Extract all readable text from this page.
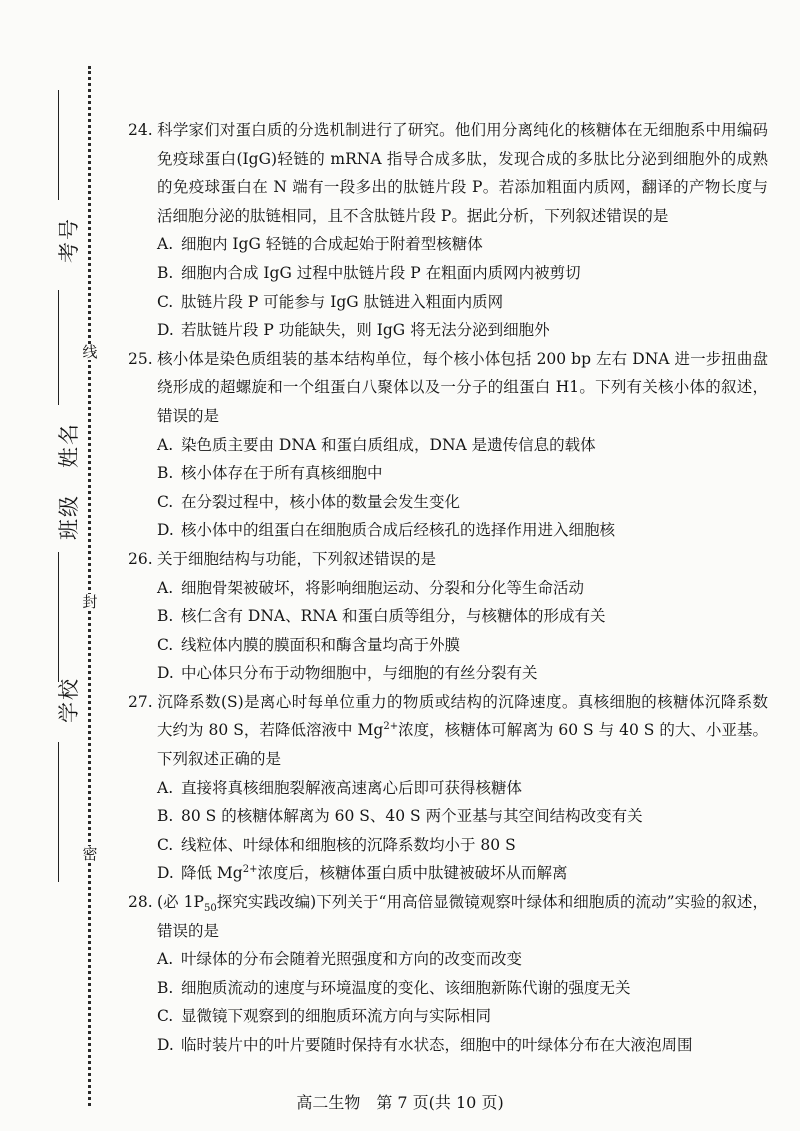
线
封
密
考号
姓名
班级
学校
24. 科学家们对蛋白质的分选机制进行了研究。他们用分离纯化的核糖体在无细胞系中用编码免疫球蛋白(IgG)轻链的 mRNA 指导合成多肽，发现合成的多肽比分泌到细胞外的成熟的免疫球蛋白在 N 端有一段多出的肽链片段 P。若添加粗面内质网，翻译的产物长度与活细胞分泌的肽链相同，且不含肽链片段 P。据此分析，下列叙述错误的是
A. 细胞内 IgG 轻链的合成起始于附着型核糖体
B. 细胞内合成 IgG 过程中肽链片段 P 在粗面内质网内被剪切
C. 肽链片段 P 可能参与 IgG 肽链进入粗面内质网
D. 若肽链片段 P 功能缺失，则 IgG 将无法分泌到细胞外
25. 核小体是染色质组装的基本结构单位，每个核小体包括 200 bp 左右 DNA 进一步扭曲盘绕形成的超螺旋和一个组蛋白八聚体以及一分子的组蛋白 H1。下列有关核小体的叙述，错误的是
A. 染色质主要由 DNA 和蛋白质组成，DNA 是遗传信息的载体
B. 核小体存在于所有真核细胞中
C. 在分裂过程中，核小体的数量会发生变化
D. 核小体中的组蛋白在细胞质合成后经核孔的选择作用进入细胞核
26. 关于细胞结构与功能，下列叙述错误的是
A. 细胞骨架被破坏，将影响细胞运动、分裂和分化等生命活动
B. 核仁含有 DNA、RNA 和蛋白质等组分，与核糖体的形成有关
C. 线粒体内膜的膜面积和酶含量均高于外膜
D. 中心体只分布于动物细胞中，与细胞的有丝分裂有关
27. 沉降系数(S)是离心时每单位重力的物质或结构的沉降速度。真核细胞的核糖体沉降系数大约为 80 S，若降低溶液中 $Mg^{2+}$浓度，核糖体可解离为 60 S 与 40 S 的大、小亚基。下列叙述正确的是
A. 直接将真核细胞裂解液高速离心后即可获得核糖体
B. 80 S 的核糖体解离为 60 S、40 S 两个亚基与其空间结构改变有关
C. 线粒体、叶绿体和细胞核的沉降系数均小于 80 S
D. 降低 $Mg^{2+}$浓度后，核糖体蛋白质中肽键被破坏从而解离
28. (必 $1P_{50}$探究实践改编)下列关于“用高倍显微镜观察叶绿体和细胞质的流动”实验的叙述，错误的是
A. 叶绿体的分布会随着光照强度和方向的改变而改变
B. 细胞质流动的速度与环境温度的变化、该细胞新陈代谢的强度无关
C. 显微镜下观察到的细胞质环流方向与实际相同
D. 临时装片中的叶片要随时保持有水状态，细胞中的叶绿体分布在大液泡周围
高二生物　第 7 页(共 10 页)
